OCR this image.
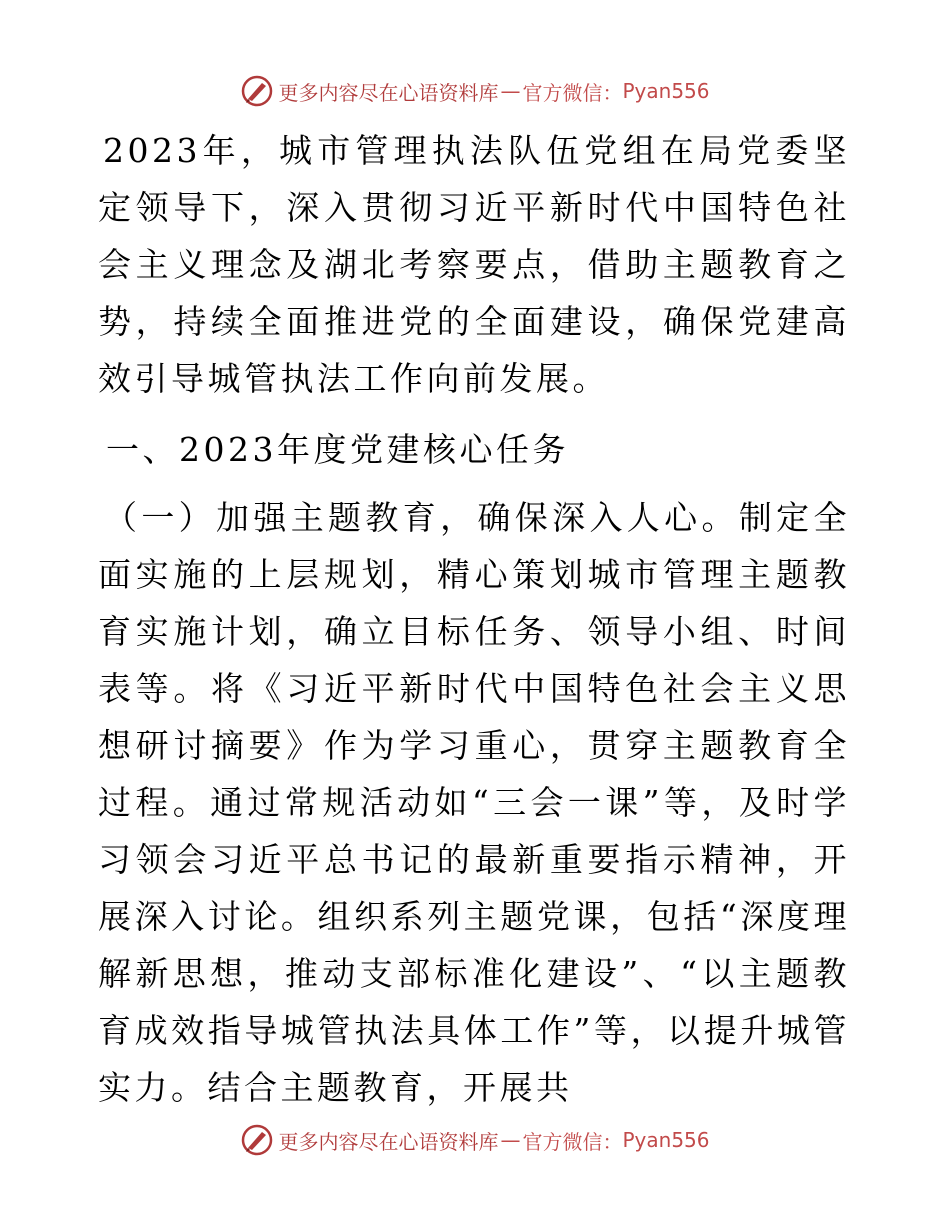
更多内容尽在心语资料库 — 官方微信： Pyan556

2023年，城市管理执法队伍党组在局党委坚定领导下，深入贯彻习近平新时代中国特色社会主义理念及湖北考察要点，借助主题教育之势，持续全面推进党的全面建设，确保党建高效引导城管执法工作向前发展。

一、2023年度党建核心任务

（一）加强主题教育，确保深入人心。制定全面实施的上层规划，精心策划城市管理主题教育实施计划，确立目标任务、领导小组、时间表等。将《习近平新时代中国特色社会主义思想研讨摘要》作为学习重心，贯穿主题教育全过程。通过常规活动如“三会一课”等，及时学习领会习近平总书记的最新重要指示精神，开展深入讨论。组织系列主题党课，包括“深度理解新思想，推动支部标准化建设”、“以主题教育成效指导城管执法具体工作”等，以提升城管实力。结合主题教育，开展共

更多内容尽在心语资料库 — 官方微信： Pyan556
